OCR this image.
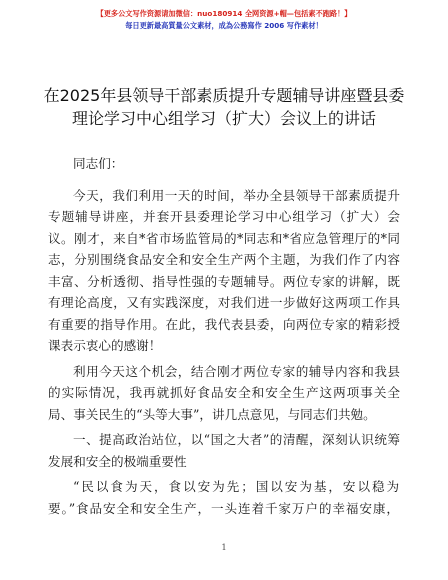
【更多公文写作资源请加微信：nuo180914 全网资源+帽—包括素不跑路！】
每日更新最高質量公文素材，成為公務寫作 2006 写作素材！
在2025年县领导干部素质提升专题辅导讲座暨县委理论学习中心组学习（扩大）会议上的讲话

同志们：

今天，我们利用一天的时间，举办全县领导干部素质提升专题辅导讲座，并套开县委理论学习中心组学习（扩大）会议。刚才，来自*省市场监管局的*同志和*省应急管理厅的*同志，分别围绕食品安全和安全生产两个主题，为我们作了内容丰富、分析透彻、指导性强的专题辅导。两位专家的讲解，既有理论高度，又有实践深度，对我们进一步做好这两项工作具有重要的指导作用。在此，我代表县委，向两位专家的精彩授课表示衷心的感谢！

利用今天这个机会，结合刚才两位专家的辅导内容和我县的实际情况，我再就抓好食品安全和安全生产这两项事关全局、事关民生的“头等大事”，讲几点意见，与同志们共勉。

一、提高政治站位，以“国之大者”的清醒，深刻认识统筹发展和安全的极端重要性

“民以食为天，食以安为先；国以安为基，安以稳为要。”食品安全和安全生产，一头连着千家万户的幸福安康，

1
